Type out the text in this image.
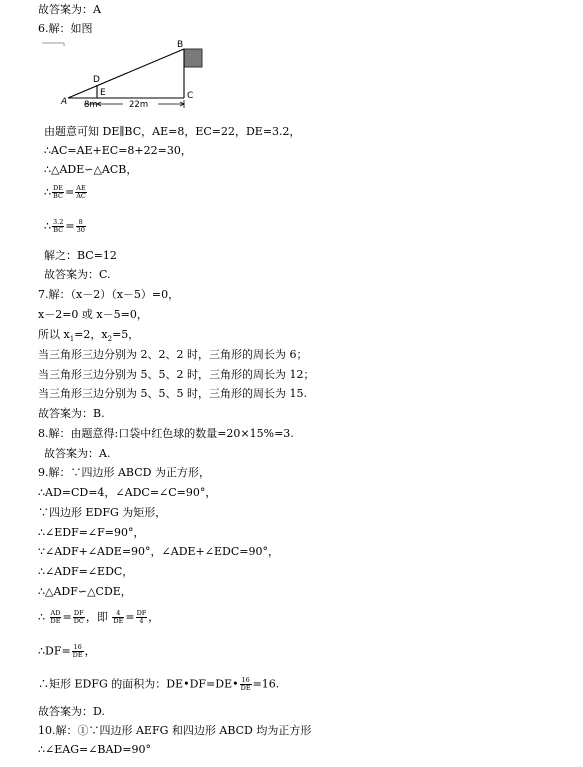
故答案为：A
6.解：如图
A
B
C
D
E
8m	22m
由题意可知 DE∥BC，AE=8，EC=22，DE=3.2，
∴AC=AE+EC=8+22=30，
∴△ADE∽△ACB，
∴ $\frac{DE}{BC} = \frac{AE}{AC}$
∴ $\frac{3.2}{BC} = \frac{8}{30}$
解之：BC=12
故答案为：C.
7.解：（x－2）（x－5）=0，
x－2=0 或 x－5=0，
所以 $x_1=2$，$x_2=5$，
当三角形三边分别为 2、2、2 时，三角形的周长为 6；
当三角形三边分别为 5、5、2 时，三角形的周长为 12；
当三角形三边分别为 5、5、5 时，三角形的周长为 15.
故答案为：B.
8.解：由题意得:口袋中红色球的数量=20×15%=3.
故答案为：A.
9.解：∵四边形 ABCD 为正方形，
∴AD=CD=4，∠ADC=∠C=90°，
∵四边形 EDFG 为矩形，
∴∠EDF=∠F=90°，
∵∠ADF+∠ADE=90°，∠ADE+∠EDC=90°，
∴∠ADF=∠EDC，
∴△ADF∽△CDE，
∴ $\frac{AD}{DE} = \frac{DF}{DC}$ ，即 $\frac{4}{DE} = \frac{DF}{4}$ ，
∴DF= $\frac{16}{DE}$ ，
∴矩形 EDFG 的面积为：DE•DF=DE• $\frac{16}{DE} =16$.
故答案为：D.
10.解：①∵四边形 AEFG 和四边形 ABCD 均为正方形
∴∠EAG=∠BAD=90°
